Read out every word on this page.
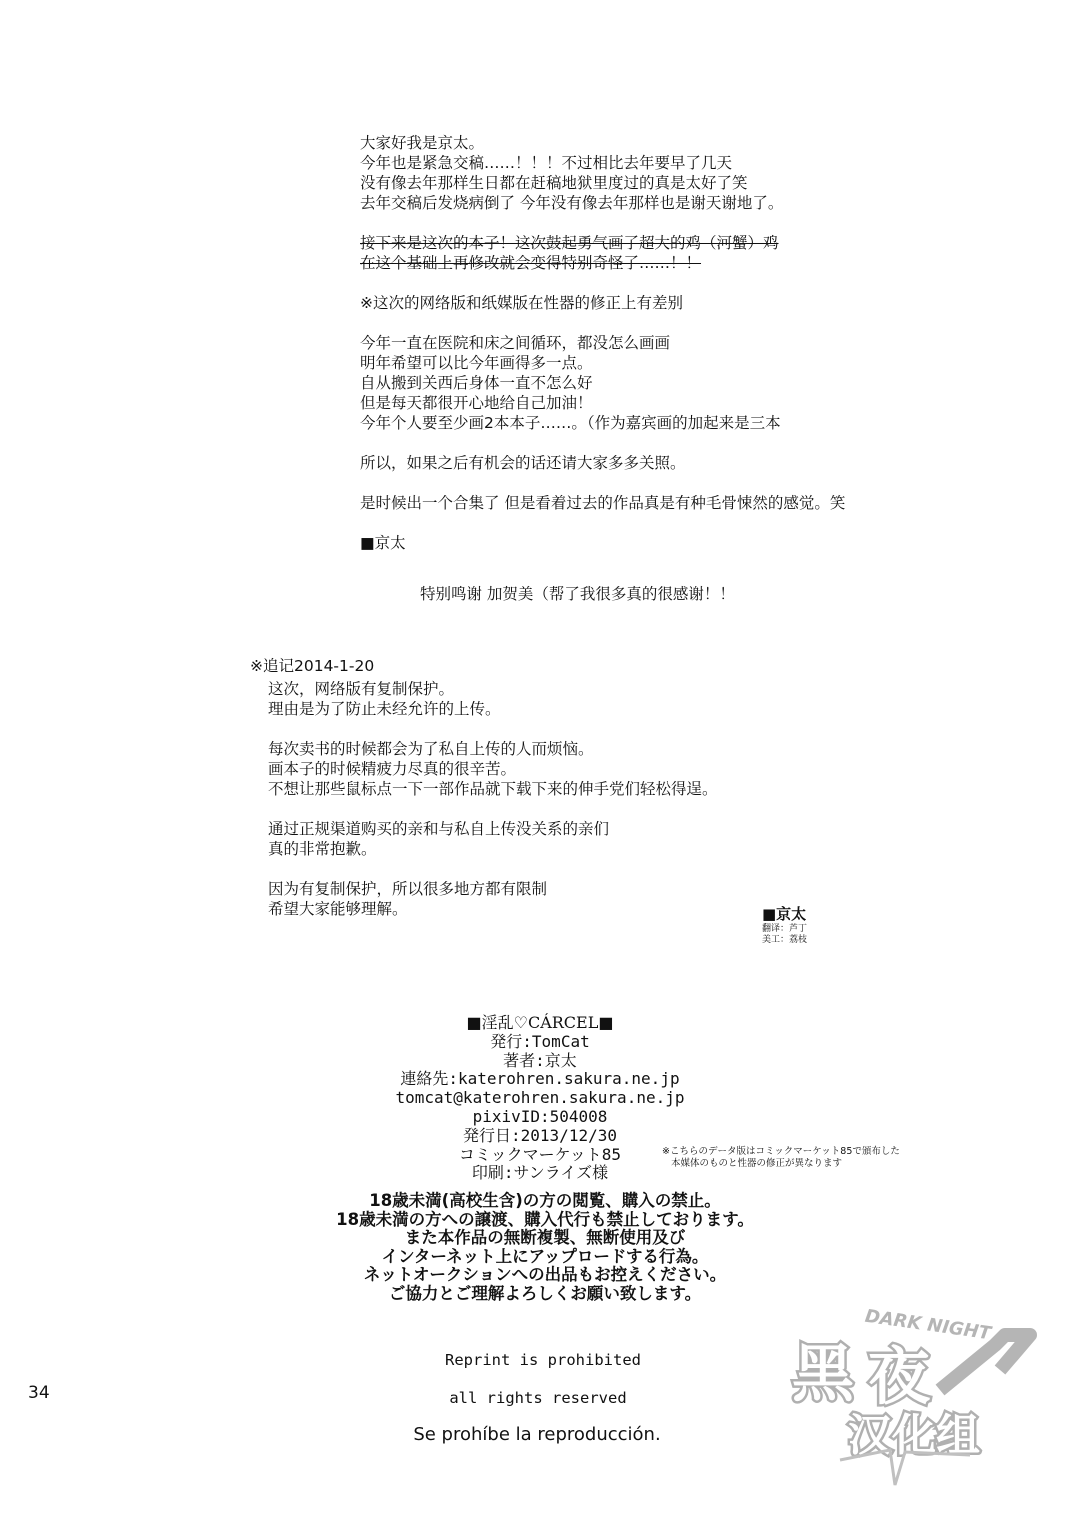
大家好我是京太。

今年也是紧急交稿……！！！不过相比去年要早了几天

没有像去年那样生日都在赶稿地狱里度过的真是太好了笑

去年交稿后发烧病倒了 今年没有像去年那样也是谢天谢地了。

接下来是这次的本子！这次鼓起勇气画了超大的鸡（河蟹）鸡

在这个基础上再修改就会变得特别奇怪了……！！

※这次的网络版和纸媒版在性器的修正上有差别

今年一直在医院和床之间循环，都没怎么画画

明年希望可以比今年画得多一点。

自从搬到关西后身体一直不怎么好

但是每天都很开心地给自己加油！

今年个人要至少画2本本子……。（作为嘉宾画的加起来是三本

所以，如果之后有机会的话还请大家多多关照。

是时候出一个合集了 但是看着过去的作品真是有种毛骨悚然的感觉。笑

■京太

特别鸣谢 加贺美（帮了我很多真的很感谢！！

※追记2014-1-20

这次，网络版有复制保护。

理由是为了防止未经允许的上传。

每次卖书的时候都会为了私自上传的人而烦恼。

画本子的时候精疲力尽真的很辛苦。

不想让那些鼠标点一下一部作品就下载下来的伸手党们轻松得逞。

通过正规渠道购买的亲和与私自上传没关系的亲们

真的非常抱歉。

因为有复制保护，所以很多地方都有限制

希望大家能够理解。	■京太
翻译：芦丁
美工：荔枝

■淫乱♡CÁRCEL■

発行:TomCat

著者:京太

連絡先:katerohren.sakura.ne.jp

tomcat@katerohren.sakura.ne.jp

pixivID:504008

発行日:2013/12/30

コミックマーケット85

印刷:サンライズ様

※こちらのデータ版はコミックマーケット85で頒布した
本媒体のものと性器の修正が異なります

18歳未満(高校生含)の方の閲覧、購入の禁止。

18歳未満の方への譲渡、購入代行も禁止しております。

また本作品の無断複製、無断使用及び

インターネット上にアップロードする行為。

ネットオークションへの出品もお控えください。

ご協力とご理解よろしくお願い致します。

Reprint is prohibited
all rights reserved
Se prohíbe la reproducción.
34
DARK NIGHT
黑 夜
汉化组
